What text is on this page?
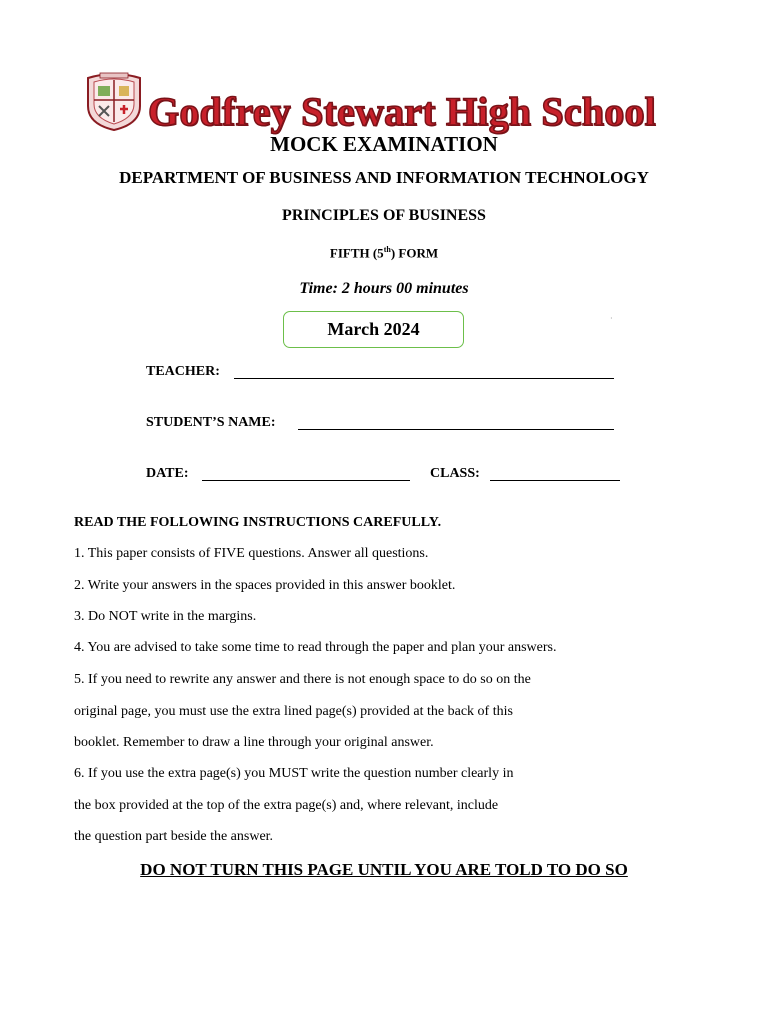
Godfrey Stewart High School
MOCK EXAMINATION
DEPARTMENT OF BUSINESS AND INFORMATION TECHNOLOGY
PRINCIPLES OF BUSINESS
FIFTH (5th) FORM
Time: 2 hours 00 minutes
March 2024
·
TEACHER:
STUDENT’S NAME:
DATE:	CLASS:
READ THE FOLLOWING INSTRUCTIONS CAREFULLY.
1. This paper consists of FIVE questions. Answer all questions.
2. Write your answers in the spaces provided in this answer booklet.
3. Do NOT write in the margins.
4. You are advised to take some time to read through the paper and plan your answers.
5. If you need to rewrite any answer and there is not enough space to do so on the
original page, you must use the extra lined page(s) provided at the back of this
booklet. Remember to draw a line through your original answer.
6. If you use the extra page(s) you MUST write the question number clearly in
the box provided at the top of the extra page(s) and, where relevant, include
the question part beside the answer.
DO NOT TURN THIS PAGE UNTIL YOU ARE TOLD TO DO SO
